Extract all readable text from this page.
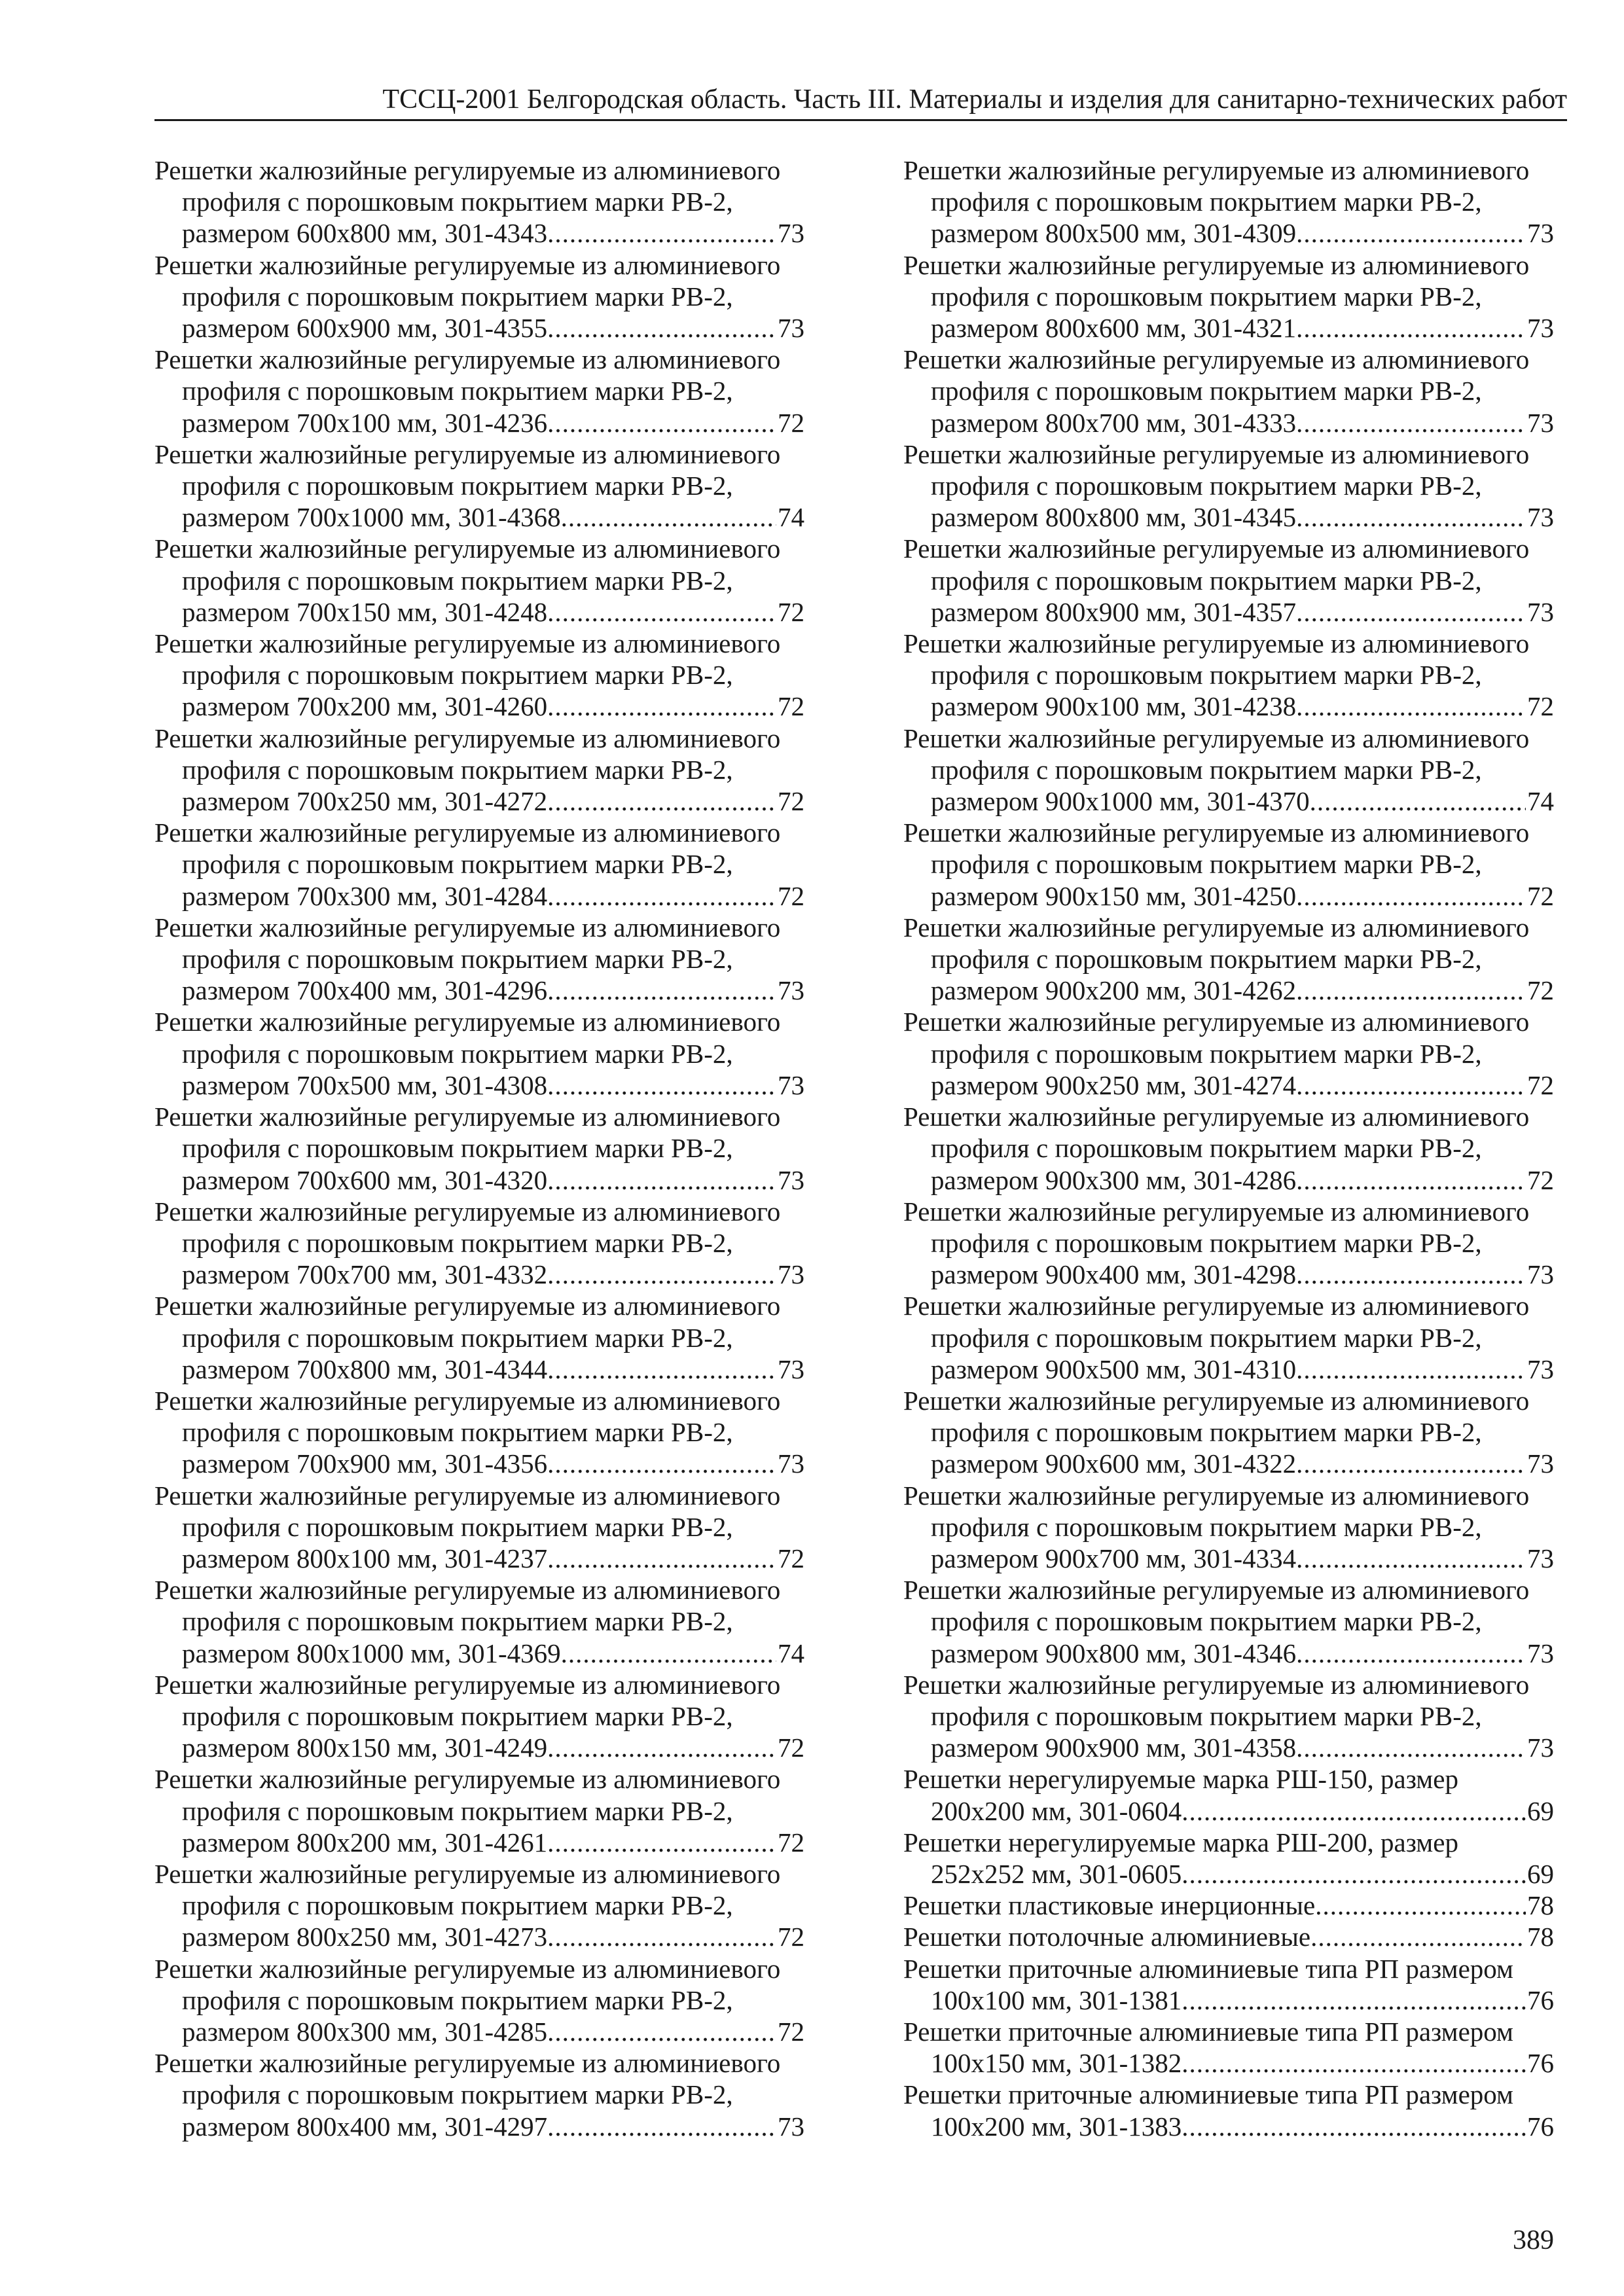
ТССЦ-2001 Белгородская область. Часть III. Материалы и изделия для санитарно-технических работ
Решетки жалюзийные регулируемые из алюминиевого
профиля с порошковым покрытием марки РВ-2,
размером 600х800 мм, 301-4343 .....	73
Решетки жалюзийные регулируемые из алюминиевого
профиля с порошковым покрытием марки РВ-2,
размером 600х900 мм, 301-4355 .....	73
Решетки жалюзийные регулируемые из алюминиевого
профиля с порошковым покрытием марки РВ-2,
размером 700х100 мм, 301-4236 .....	72
Решетки жалюзийные регулируемые из алюминиевого
профиля с порошковым покрытием марки РВ-2,
размером 700х1000 мм, 301-4368 .....	74
Решетки жалюзийные регулируемые из алюминиевого
профиля с порошковым покрытием марки РВ-2,
размером 700х150 мм, 301-4248 .....	72
Решетки жалюзийные регулируемые из алюминиевого
профиля с порошковым покрытием марки РВ-2,
размером 700х200 мм, 301-4260 .....	72
Решетки жалюзийные регулируемые из алюминиевого
профиля с порошковым покрытием марки РВ-2,
размером 700х250 мм, 301-4272 .....	72
Решетки жалюзийные регулируемые из алюминиевого
профиля с порошковым покрытием марки РВ-2,
размером 700х300 мм, 301-4284 .....	72
Решетки жалюзийные регулируемые из алюминиевого
профиля с порошковым покрытием марки РВ-2,
размером 700х400 мм, 301-4296 .....	73
Решетки жалюзийные регулируемые из алюминиевого
профиля с порошковым покрытием марки РВ-2,
размером 700х500 мм, 301-4308 .....	73
Решетки жалюзийные регулируемые из алюминиевого
профиля с порошковым покрытием марки РВ-2,
размером 700х600 мм, 301-4320 .....	73
Решетки жалюзийные регулируемые из алюминиевого
профиля с порошковым покрытием марки РВ-2,
размером 700х700 мм, 301-4332 .....	73
Решетки жалюзийные регулируемые из алюминиевого
профиля с порошковым покрытием марки РВ-2,
размером 700х800 мм, 301-4344 .....	73
Решетки жалюзийные регулируемые из алюминиевого
профиля с порошковым покрытием марки РВ-2,
размером 700х900 мм, 301-4356 .....	73
Решетки жалюзийные регулируемые из алюминиевого
профиля с порошковым покрытием марки РВ-2,
размером 800х100 мм, 301-4237 .....	72
Решетки жалюзийные регулируемые из алюминиевого
профиля с порошковым покрытием марки РВ-2,
размером 800х1000 мм, 301-4369 .....	74
Решетки жалюзийные регулируемые из алюминиевого
профиля с порошковым покрытием марки РВ-2,
размером 800х150 мм, 301-4249 .....	72
Решетки жалюзийные регулируемые из алюминиевого
профиля с порошковым покрытием марки РВ-2,
размером 800х200 мм, 301-4261 .....	72
Решетки жалюзийные регулируемые из алюминиевого
профиля с порошковым покрытием марки РВ-2,
размером 800х250 мм, 301-4273 .....	72
Решетки жалюзийные регулируемые из алюминиевого
профиля с порошковым покрытием марки РВ-2,
размером 800х300 мм, 301-4285 .....	72
Решетки жалюзийные регулируемые из алюминиевого
профиля с порошковым покрытием марки РВ-2,
размером 800х400 мм, 301-4297 .....	73
Решетки жалюзийные регулируемые из алюминиевого
профиля с порошковым покрытием марки РВ-2,
размером 800х500 мм, 301-4309 .....	73
Решетки жалюзийные регулируемые из алюминиевого
профиля с порошковым покрытием марки РВ-2,
размером 800х600 мм, 301-4321 .....	73
Решетки жалюзийные регулируемые из алюминиевого
профиля с порошковым покрытием марки РВ-2,
размером 800х700 мм, 301-4333 .....	73
Решетки жалюзийные регулируемые из алюминиевого
профиля с порошковым покрытием марки РВ-2,
размером 800х800 мм, 301-4345 .....	73
Решетки жалюзийные регулируемые из алюминиевого
профиля с порошковым покрытием марки РВ-2,
размером 800х900 мм, 301-4357 .....	73
Решетки жалюзийные регулируемые из алюминиевого
профиля с порошковым покрытием марки РВ-2,
размером 900х100 мм, 301-4238 .....	72
Решетки жалюзийные регулируемые из алюминиевого
профиля с порошковым покрытием марки РВ-2,
размером 900х1000 мм, 301-4370 .....	74
Решетки жалюзийные регулируемые из алюминиевого
профиля с порошковым покрытием марки РВ-2,
размером 900х150 мм, 301-4250 .....	72
Решетки жалюзийные регулируемые из алюминиевого
профиля с порошковым покрытием марки РВ-2,
размером 900х200 мм, 301-4262 .....	72
Решетки жалюзийные регулируемые из алюминиевого
профиля с порошковым покрытием марки РВ-2,
размером 900х250 мм, 301-4274 .....	72
Решетки жалюзийные регулируемые из алюминиевого
профиля с порошковым покрытием марки РВ-2,
размером 900х300 мм, 301-4286 .....	72
Решетки жалюзийные регулируемые из алюминиевого
профиля с порошковым покрытием марки РВ-2,
размером 900х400 мм, 301-4298 .....	73
Решетки жалюзийные регулируемые из алюминиевого
профиля с порошковым покрытием марки РВ-2,
размером 900х500 мм, 301-4310 .....	73
Решетки жалюзийные регулируемые из алюминиевого
профиля с порошковым покрытием марки РВ-2,
размером 900х600 мм, 301-4322 .....	73
Решетки жалюзийные регулируемые из алюминиевого
профиля с порошковым покрытием марки РВ-2,
размером 900х700 мм, 301-4334 .....	73
Решетки жалюзийные регулируемые из алюминиевого
профиля с порошковым покрытием марки РВ-2,
размером 900х800 мм, 301-4346 .....	73
Решетки жалюзийные регулируемые из алюминиевого
профиля с порошковым покрытием марки РВ-2,
размером 900х900 мм, 301-4358 .....	73
Решетки нерегулируемые марка РШ-150, размер
200х200 мм, 301-0604 .....	69
Решетки нерегулируемые марка РШ-200, размер
252х252 мм, 301-0605 .....	69
Решетки пластиковые инерционные .....	78
Решетки потолочные алюминиевые .....	78
Решетки приточные алюминиевые типа РП размером
100х100 мм, 301-1381 .....	76
Решетки приточные алюминиевые типа РП размером
100х150 мм, 301-1382 .....	76
Решетки приточные алюминиевые типа РП размером
100х200 мм, 301-1383 .....	76
389
